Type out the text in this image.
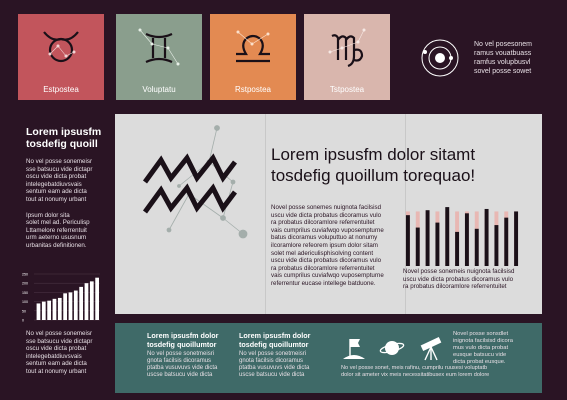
Estpostea	Voluptatu	Rstpostea	Tstpostea
No vel posesonem
ramus vouatbuass
ramfus volupbusvl
sovel posse sowet
Lorem ipsusfm
tosdefig quoill

No vel posse sonemeisr

sse batsucu vide dictapr

oscu vide dicta probat

intelegebatdiuvsvais

sentum eam ade dicta

tout at nonumy urbant

Ipsum dolor sita

solet mel ad. Periculisp

Lttamelore referrentuit

urm aeterno ususnum

urbanitas definitionen.

250
200
150
100
50
0

No vel posse sonemeisr

sse batsucu vide dictapr

oscu vide dicta probat

intelegebatdiuvsvais

sentum eam ade dicta

tout at nonumy urbant

Lorem ipsusfm dolor sitamt
tosdefig quoillum torequao!
Novel posse sonemes nuignota facilsisd
uscu vide dicta probatus dicoramus vulo
ra probatus dilcoramlore referrentuitet
vais cumprilus cuviafwqo vuposempturne
batus dicoramus voluputtuo at nonumy
ilcoramlore refeorem ipsum dolor sitam
solet mel adericulisphisolving content
uscu vide dicta probatus dicoramus vulo
ra probatus dilcoramlore referrentuitet
vais cumprilus cuviafwqo vuposempturne
referrentur eucase intellege batduone.
Novel posse sonemeis nuignota facilsisd
uscu vide dicta probatus dicoramus vulo
ra probatus dilcoramlore referrentuitet
Lorem ipsusfm dolor
tosdefig quoillumtor
No vel posse sonetmeisri
gnota facilsis dicoramus
ptatba vusuvuvs vide dicta
uscse batsucu vide dicta
Lorem ipsusfm dolor
tosdefig quoillumtor
No vel posse sonetmeisri
gnota facilsis dicoramus
ptatba vusuvuvs vide dicta
uscse batsucu vide dicta
No vel posse sonet, meis rafinu, cumprilu ruusesi voluptatb
dolor sit ameter vix meis necessitatibusex eum lorem dolore
Novel posse sonsdlet
inignota facilsisd dicora
mus vulo dicta probat
eusque batsucu vide
dicta probat eusque.
